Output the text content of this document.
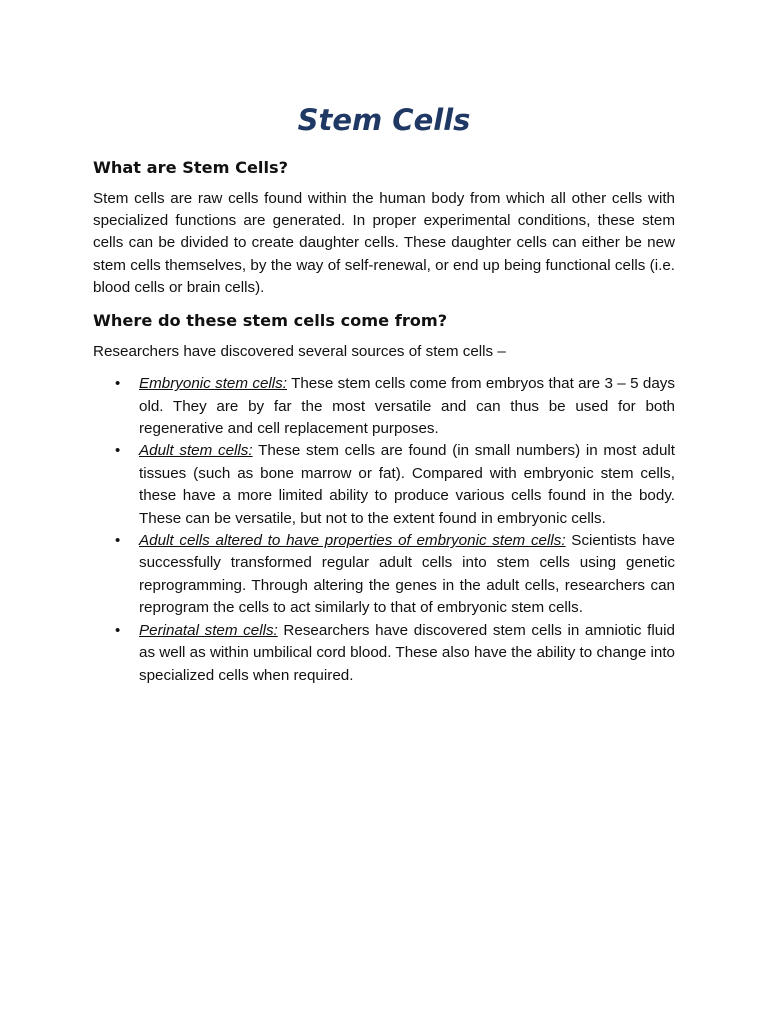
Stem Cells
What are Stem Cells?

Stem cells are raw cells found within the human body from which all other cells with specialized functions are generated. In proper experimental conditions, these stem cells can be divided to create daughter cells. These daughter cells can either be new stem cells themselves, by the way of self-renewal, or end up being functional cells (i.e. blood cells or brain cells).

Where do these stem cells come from?

Researchers have discovered several sources of stem cells –

• Embryonic stem cells: These stem cells come from embryos that are 3 – 5 days old. They are by far the most versatile and can thus be used for both regenerative and cell replacement purposes.
• Adult stem cells: These stem cells are found (in small numbers) in most adult tissues (such as bone marrow or fat). Compared with embryonic stem cells, these have a more limited ability to produce various cells found in the body. These can be versatile, but not to the extent found in embryonic cells.
• Adult cells altered to have properties of embryonic stem cells: Scientists have successfully transformed regular adult cells into stem cells using genetic reprogramming. Through altering the genes in the adult cells, researchers can reprogram the cells to act similarly to that of embryonic stem cells.
• Perinatal stem cells: Researchers have discovered stem cells in amniotic fluid as well as within umbilical cord blood. These also have the ability to change into specialized cells when required.
